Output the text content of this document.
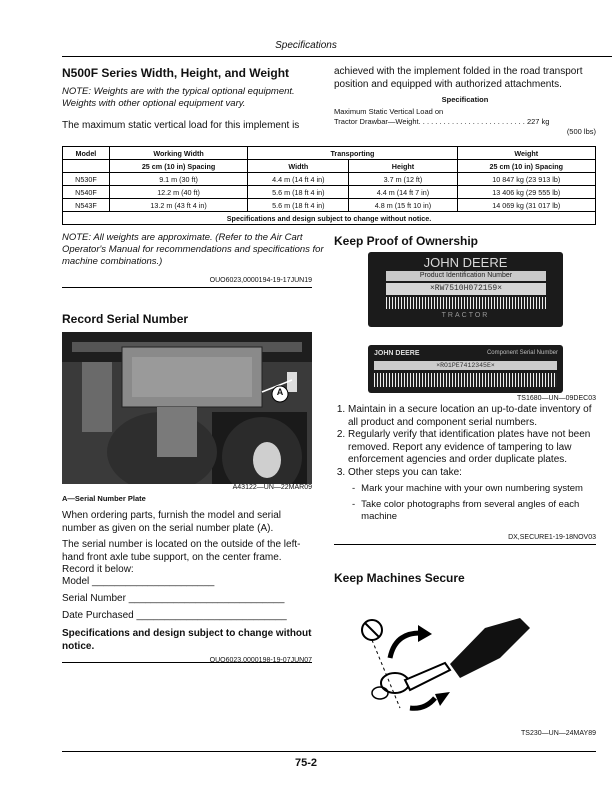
Specifications
N500F Series Width, Height, and Weight
NOTE: Weights are with the typical optional equipment. Weights with other optional equipment vary.
The maximum static vertical load for this implement is
achieved with the implement folded in the road transport position and equipped with authorized attachments.
Specification
Maximum Static Vertical Load on
Tractor Drawbar—Weight. . . . . . . . . . . . . . . . . . . . . . . . . . 227 kg
(500 lbs)
Model	Working Width	Transporting		Weight
	25 cm (10 in) Spacing	Width	Height	25 cm (10 in) Spacing
N530F	9.1 m (30 ft)	4.4 m (14 ft 4 in)	3.7 m (12 ft)	10 847 kg (23 913 lb)
N540F	12.2 m (40 ft)	5.6 m (18 ft 4 in)	4.4 m (14 ft 7 in)	13 406 kg (29 555 lb)
N543F	13.2 m (43 ft 4 in)	5.6 m (18 ft 4 in)	4.8 m (15 ft 10 in)	14 069 kg (31 017 lb)
Specifications and design subject to change without notice.				
NOTE: All weights are approximate. (Refer to the Air Cart Operator's Manual for recommendations and specifications for machine combinations.)
OUO6023,0000194-19-17JUN19
Record Serial Number
A
A43122—UN—22MAR09
A—Serial Number Plate
When ordering parts, furnish the model and serial number as given on the serial number plate (A).
The serial number is located on the outside of the left-hand front axle tube support, on the center frame. Record it below:
Model ______________________
Serial Number ____________________________
Date Purchased ___________________________
Specifications and design subject to change without notice.
OUO6023,0000198-19-07JUN07
Keep Proof of Ownership
JOHN DEERE
Product Identification Number
×RW7510H072159×
TRACTOR
JOHN DEERE	Component Serial Number
×RO1PE7412345E×
TS1680—UN—09DEC03
1. Maintain in a secure location an up-to-date inventory of all product and component serial numbers.
2. Regularly verify that identification plates have not been removed. Report any evidence of tampering to law enforcement agencies and order duplicate plates.
3. Other steps you can take:
- Mark your machine with your own numbering system
- Take color photographs from several angles of each machine
DX,SECURE1-19-18NOV03
Keep Machines Secure
TS230—UN—24MAY89
75-2
